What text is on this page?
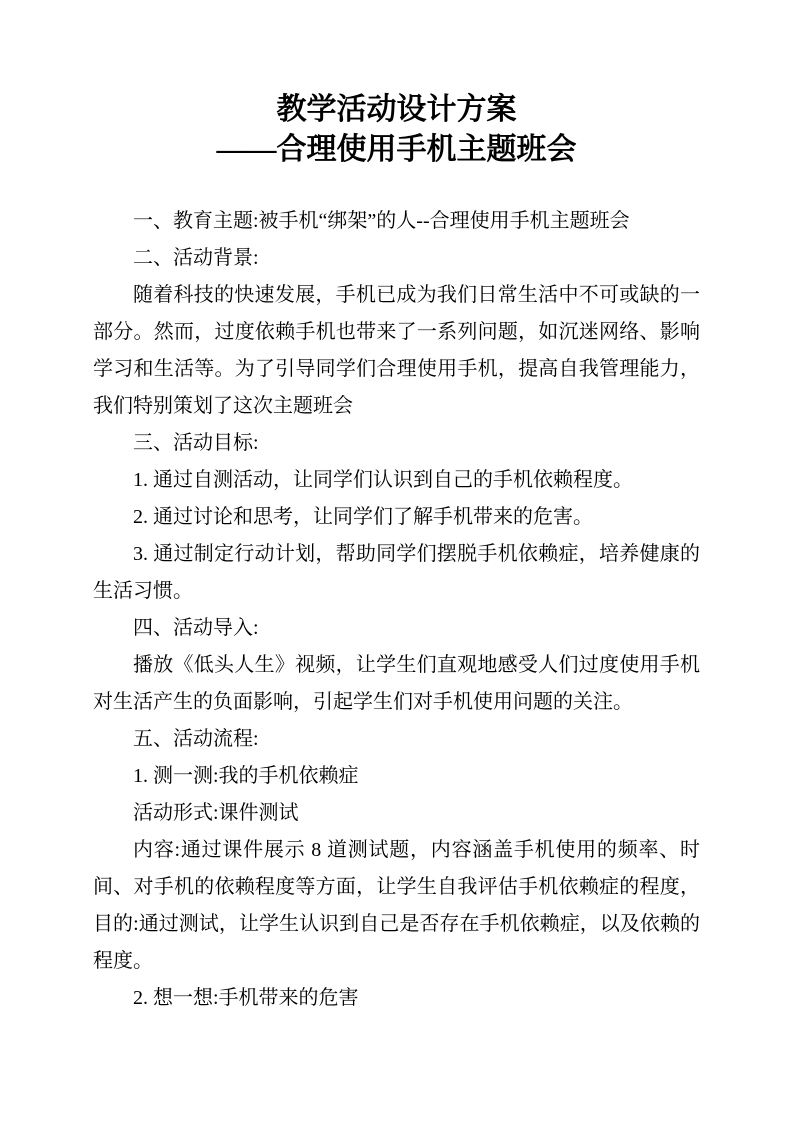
教学活动设计方案
——合理使用手机主题班会

一、教育主题:被手机“绑架”的人--合理使用手机主题班会

二、活动背景:

随着科技的快速发展，手机已成为我们日常生活中不可或缺的一部分。然而，过度依赖手机也带来了一系列问题，如沉迷网络、影响学习和生活等。为了引导同学们合理使用手机，提高自我管理能力，我们特别策划了这次主题班会

三、活动目标:

1. 通过自测活动，让同学们认识到自己的手机依赖程度。

2. 通过讨论和思考，让同学们了解手机带来的危害。

3. 通过制定行动计划，帮助同学们摆脱手机依赖症，培养健康的生活习惯。

四、活动导入:

播放《低头人生》视频，让学生们直观地感受人们过度使用手机对生活产生的负面影响，引起学生们对手机使用问题的关注。

五、活动流程:

1. 测一测:我的手机依赖症

活动形式:课件测试

内容:通过课件展示 8 道测试题，内容涵盖手机使用的频率、时间、对手机的依赖程度等方面，让学生自我评估手机依赖症的程度，目的:通过测试，让学生认识到自己是否存在手机依赖症，以及依赖的程度。

2. 想一想:手机带来的危害
